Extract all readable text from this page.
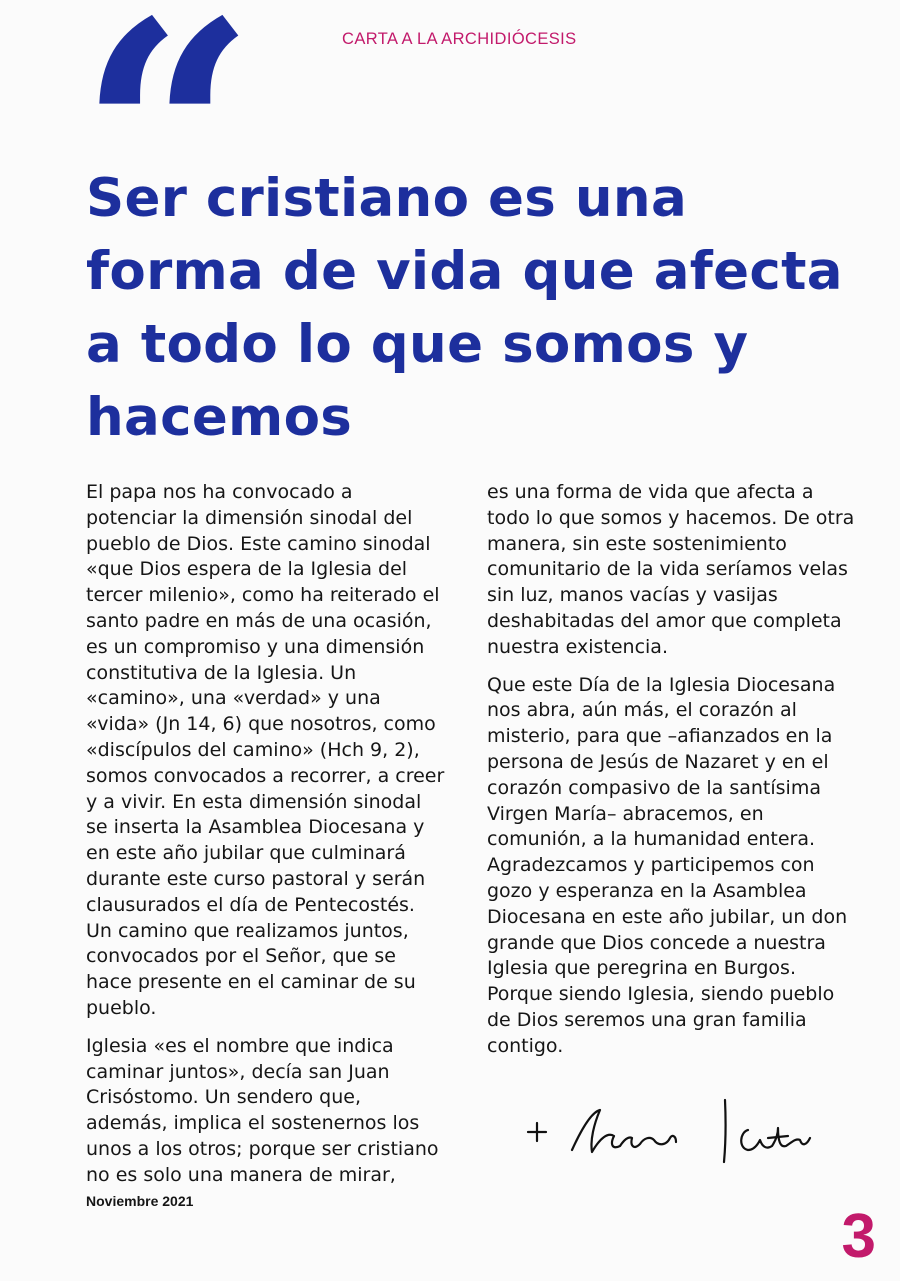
“	CARTA A LA ARCHIDIÓCESIS
Ser cristiano es una forma de vida que afecta a todo lo que somos y hacemos

El papa nos ha convocado a potenciar la dimensión sinodal del pueblo de Dios. Este camino sinodal «que Dios espera de la Iglesia del tercer milenio», como ha reiterado el santo padre en más de una ocasión, es un compromiso y una dimensión constitutiva de la Iglesia. Un «camino», una «verdad» y una «vida» (Jn 14, 6) que nosotros, como «discípulos del camino» (Hch 9, 2), somos convocados a recorrer, a creer y a vivir. En esta dimensión sinodal se inserta la Asamblea Diocesana y en este año jubilar que culminará durante este curso pastoral y serán clausurados el día de Pentecostés. Un camino que realizamos juntos, convocados por el Señor, que se hace presente en el caminar de su pueblo.

Iglesia «es el nombre que indica caminar juntos», decía san Juan Crisóstomo. Un sendero que, además, implica el sostenernos los unos a los otros; porque ser cristiano no es solo una manera de mirar,

es una forma de vida que afecta a todo lo que somos y hacemos. De otra manera, sin este sostenimiento comunitario de la vida seríamos velas sin luz, manos vacías y vasijas deshabitadas del amor que completa nuestra existencia.

Que este Día de la Iglesia Diocesana nos abra, aún más, el corazón al misterio, para que –afianzados en la persona de Jesús de Nazaret y en el corazón compasivo de la santísima Virgen María– abracemos, en comunión, a la humanidad entera. Agradezcamos y participemos con gozo y esperanza en la Asamblea Diocesana en este año jubilar, un don grande que Dios concede a nuestra Iglesia que peregrina en Burgos. Porque siendo Iglesia, siendo pueblo de Dios seremos una gran familia contigo.

Noviembre 2021
3
